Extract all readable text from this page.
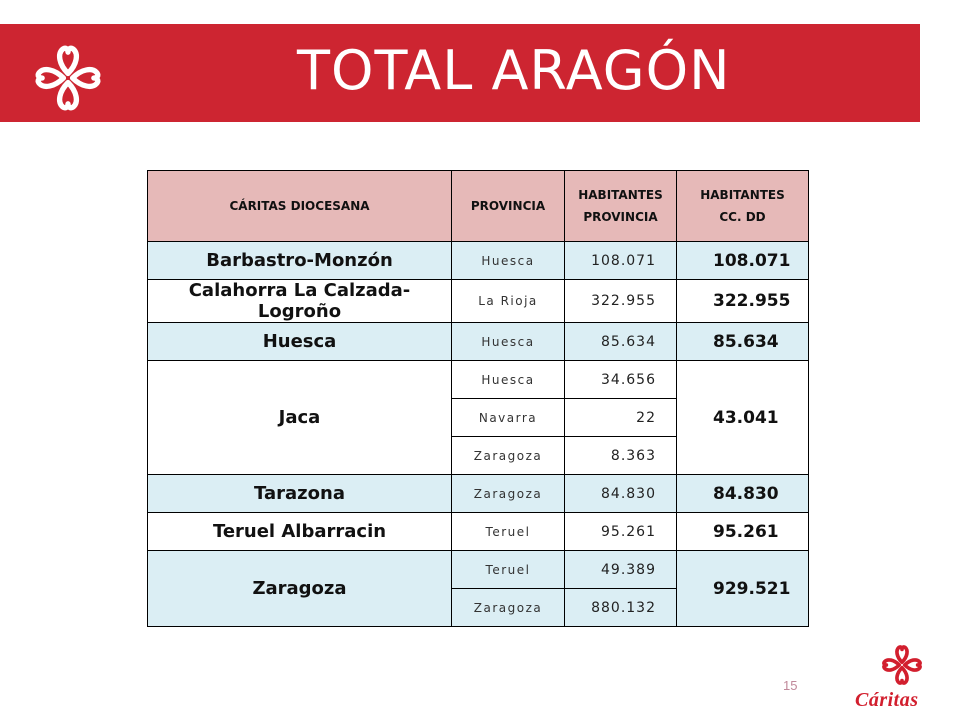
TOTAL ARAGÓN
CÁRITAS DIOCESANA	PROVINCIA	HABITANTES PROVINCIA	HABITANTES CC. DD
Barbastro-Monzón	Huesca	108.071	108.071
Calahorra La Calzada-Logroño	La Rioja	322.955	322.955
Huesca	Huesca	85.634	85.634
Jaca	Huesca	34.656	43.041
	Navarra	22	
	Zaragoza	8.363	
Tarazona	Zaragoza	84.830	84.830
Teruel Albarracin	Teruel	95.261	95.261
Zaragoza	Teruel	49.389	929.521
	Zaragoza	880.132	
15
Cáritas
